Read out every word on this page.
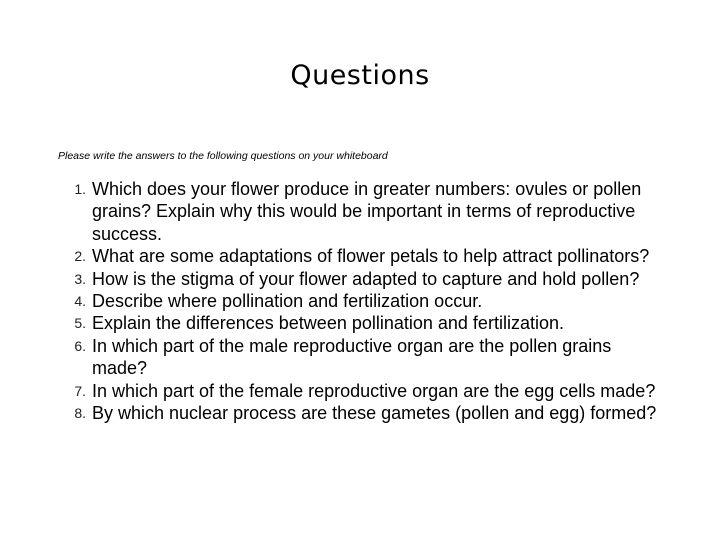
Questions

Please write the answers to the following questions on your whiteboard

1. Which does your flower produce in greater numbers: ovules or pollen grains? Explain why this would be important in terms of reproductive success.
2. What are some adaptations of flower petals to help attract pollinators?
3. How is the stigma of your flower adapted to capture and hold pollen?
4. Describe where pollination and fertilization occur.
5. Explain the differences between pollination and fertilization.
6. In which part of the male reproductive organ are the pollen grains made?
7. In which part of the female reproductive organ are the egg cells made?
8. By which nuclear process are these gametes (pollen and egg) formed?
